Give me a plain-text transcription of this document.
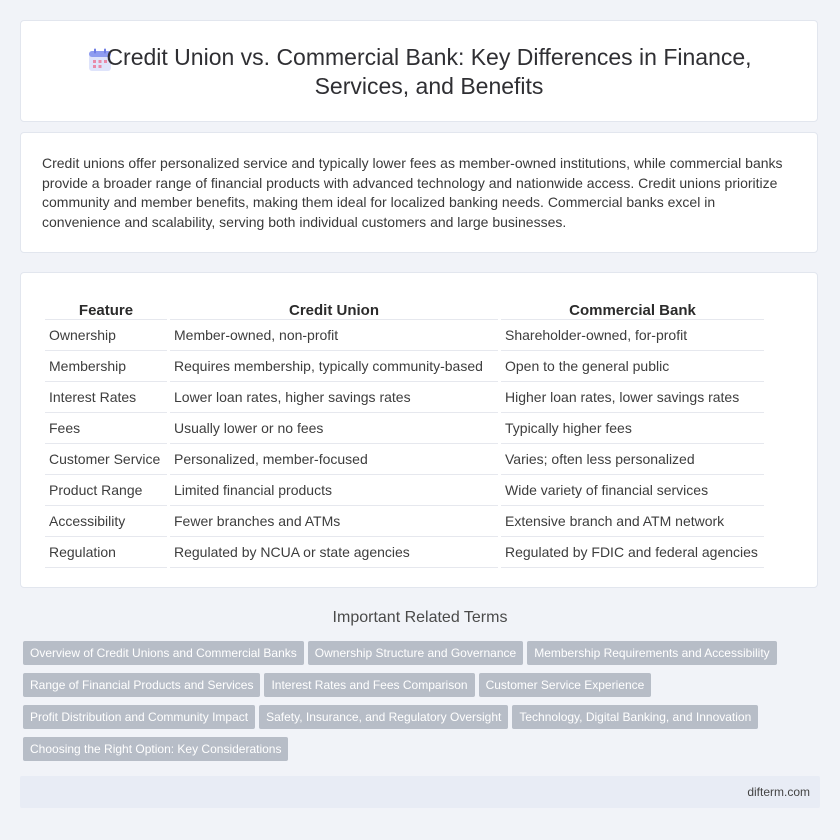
Credit Union vs. Commercial Bank: Key Differences in Finance, Services, and Benefits

Credit unions offer personalized service and typically lower fees as member-owned institutions, while commercial banks provide a broader range of financial products with advanced technology and nationwide access. Credit unions prioritize community and member benefits, making them ideal for localized banking needs. Commercial banks excel in convenience and scalability, serving both individual customers and large businesses.

Feature	Credit Union	Commercial Bank
Ownership	Member-owned, non-profit	Shareholder-owned, for-profit
Membership	Requires membership, typically community-based	Open to the general public
Interest Rates	Lower loan rates, higher savings rates	Higher loan rates, lower savings rates
Fees	Usually lower or no fees	Typically higher fees
Customer Service	Personalized, member-focused	Varies; often less personalized
Product Range	Limited financial products	Wide variety of financial services
Accessibility	Fewer branches and ATMs	Extensive branch and ATM network
Regulation	Regulated by NCUA or state agencies	Regulated by FDIC and federal agencies
Important Related Terms
Overview of Credit Unions and Commercial Banks Ownership Structure and Governance Membership Requirements and Accessibility
Range of Financial Products and Services Interest Rates and Fees Comparison Customer Service Experience
Profit Distribution and Community Impact Safety, Insurance, and Regulatory Oversight Technology, Digital Banking, and Innovation
Choosing the Right Option: Key Considerations
difterm.com
